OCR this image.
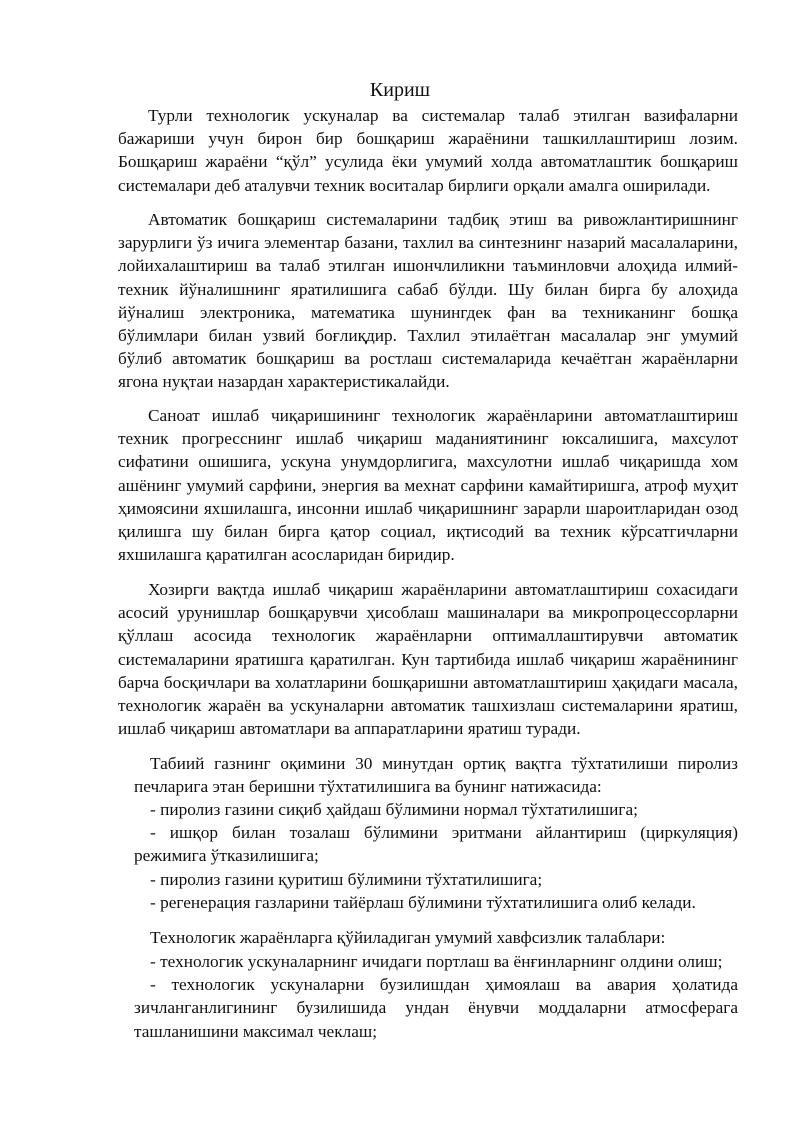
Кириш
Турли технологик ускуналар ва системалар талаб этилган вазифаларни бажариши учун бирон бир бошқариш жараёнини ташкиллаштириш лозим. Бошқариш жараёни “қўл” усулида ёки умумий холда автоматлаштик бошқариш системалари деб аталувчи техник воситалар бирлиги орқали амалга оширилади.
Автоматик бошқариш системаларини тадбиқ этиш ва ривожлантиришнинг зарурлиги ўз ичига элементар базани, тахлил ва синтезнинг назарий масалаларини, лойихалаштириш ва талаб этилган ишончлиликни таъминловчи алоҳида илмий-техник йўналишнинг яратилишига сабаб бўлди. Шу билан бирга бу алоҳида йўналиш электроника, математика шунингдек фан ва техниканинг бошқа бўлимлари билан узвий боғлиқдир. Тахлил этилаётган масалалар энг умумий бўлиб автоматик бошқариш ва ростлаш системаларида кечаётган жараёнларни ягона нуқтаи назардан характеристикалайди.
Саноат ишлаб чиқаришининг технологик жараёнларини автоматлаштириш техник прогресснинг ишлаб чиқариш маданиятининг юксалишига, махсулот сифатини ошишига, ускуна унумдорлигига, махсулотни ишлаб чиқаришда хом ашёнинг умумий сарфини, энергия ва мехнат сарфини камайтиришга, атроф муҳит ҳимоясини яхшилашга, инсонни ишлаб чиқаришнинг зарарли шароитларидан озод қилишга шу билан бирга қатор социал, иқтисодий ва техник кўрсатгичларни яхшилашга қаратилган асосларидан биридир.
Хозирги вақтда ишлаб чиқариш жараёнларини автоматлаштириш сохасидаги асосий урунишлар бошқарувчи ҳисоблаш машиналари ва микропроцессорларни қўллаш асосида технологик жараёнларни оптималлаштирувчи автоматик системаларини яратишга қаратилган. Кун тартибида ишлаб чиқариш жараёнининг барча босқичлари ва холатларини бошқаришни автоматлаштириш ҳақидаги масала, технологик жараён ва ускуналарни автоматик ташхизлаш системаларини яратиш, ишлаб чиқариш автоматлари ва аппаратларини яратиш туради.
Табиий газнинг оқимини 30 минутдан ортиқ вақтга тўхтатилиши пиролиз печларига этан беришни тўхтатилишига ва бунинг натижасида:

- пиролиз газини сиқиб ҳайдаш бўлимини нормал тўхтатилишига;

- ишқор билан тозалаш бўлимини эритмани айлантириш (циркуляция) режимига ўтказилишига;

- пиролиз газини қуритиш бўлимини тўхтатилишига;

- регенерация газларини тайёрлаш бўлимини тўхтатилишига олиб келади.

Технологик жараёнларга қўйиладиган умумий хавфсизлик талаблари:

- технологик ускуналарнинг ичидаги портлаш ва ёнғинларнинг олдини олиш;

- технологик ускуналарни бузилишдан ҳимоялаш ва авария ҳолатида зичланганлигининг бузилишида ундан ёнувчи моддаларни атмосферага ташланишини максимал чеклаш;
